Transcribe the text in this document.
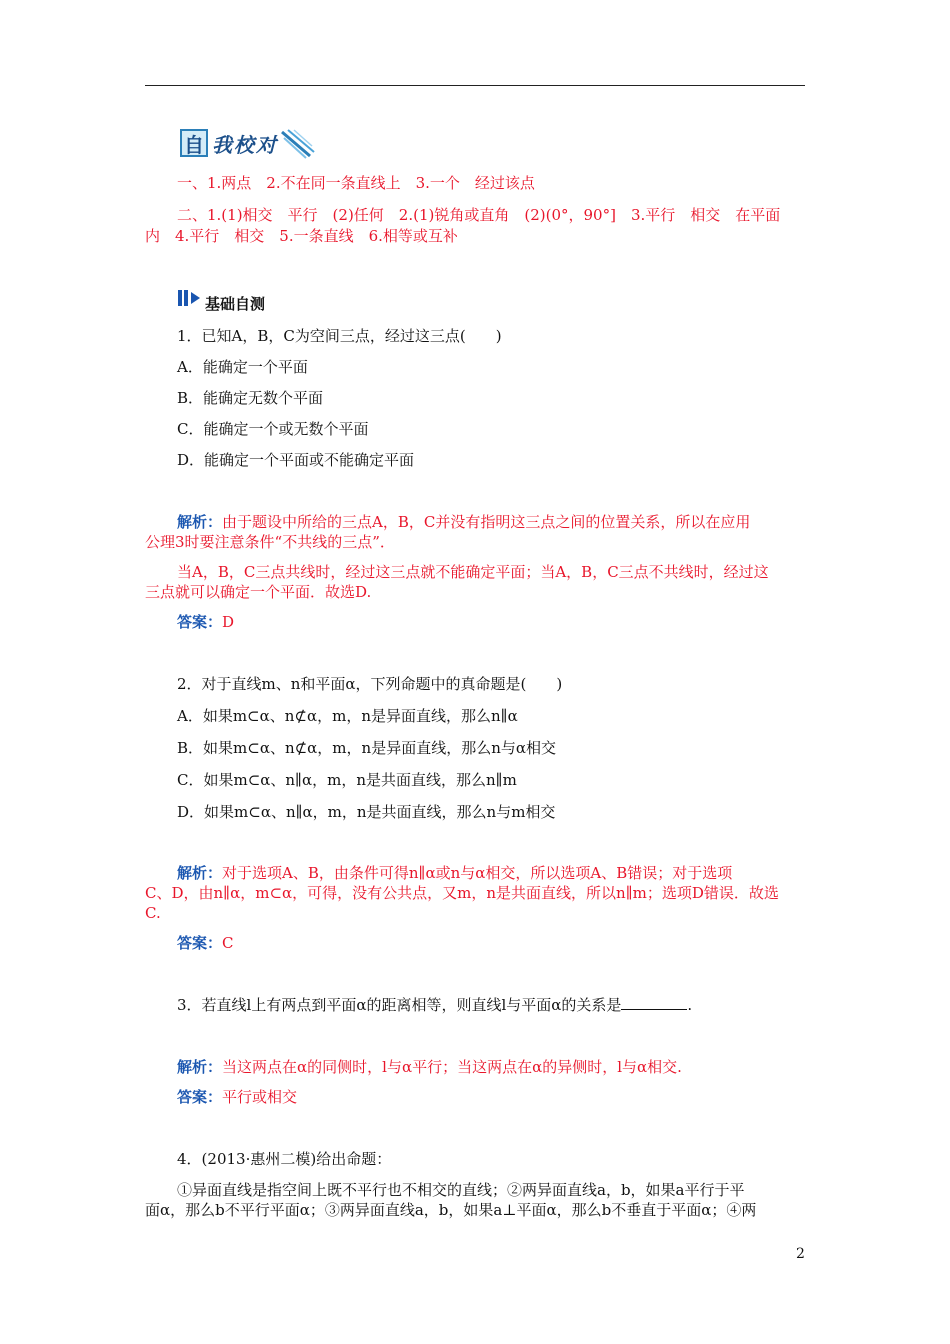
自 我校对
一、1.两点　2.不在同一条直线上　3.一个　经过该点
二、1.(1)相交　平行　(2)任何　2.(1)锐角或直角　(2)(0°，90°]　3.平行　相交　在平面
内　4.平行　相交　5.一条直线　6.相等或互补
基础自测
1．已知A，B，C为空间三点，经过这三点(　　)
A．能确定一个平面
B．能确定无数个平面
C．能确定一个或无数个平面
D．能确定一个平面或不能确定平面
解析：由于题设中所给的三点A，B，C并没有指明这三点之间的位置关系，所以在应用
公理3时要注意条件“不共线的三点”．
当A，B，C三点共线时，经过这三点就不能确定平面；当A，B，C三点不共线时，经过这
三点就可以确定一个平面．故选D.
答案：D
2．对于直线m、n和平面α，下列命题中的真命题是(　　)
A．如果m⊂α、n⊄α，m，n是异面直线，那么n∥α
B．如果m⊂α、n⊄α，m，n是异面直线，那么n与α相交
C．如果m⊂α、n∥α，m，n是共面直线，那么n∥m
D．如果m⊂α、n∥α，m，n是共面直线，那么n与m相交
解析：对于选项A、B，由条件可得n∥α或n与α相交，所以选项A、B错误；对于选项
C、D，由n∥α，m⊂α，可得，没有公共点，又m，n是共面直线，所以n∥m；选项D错误．故选
C.
答案：C
3．若直线l上有两点到平面α的距离相等，则直线l与平面α的关系是	.
解析：当这两点在α的同侧时，l与α平行；当这两点在α的异侧时，l与α相交.
答案：平行或相交
4．(2013·惠州二模)给出命题：
①异面直线是指空间上既不平行也不相交的直线；②两异面直线a，b，如果a平行于平
面α，那么b不平行平面α；③两异面直线a，b，如果a⊥平面α，那么b不垂直于平面α；④两
2
